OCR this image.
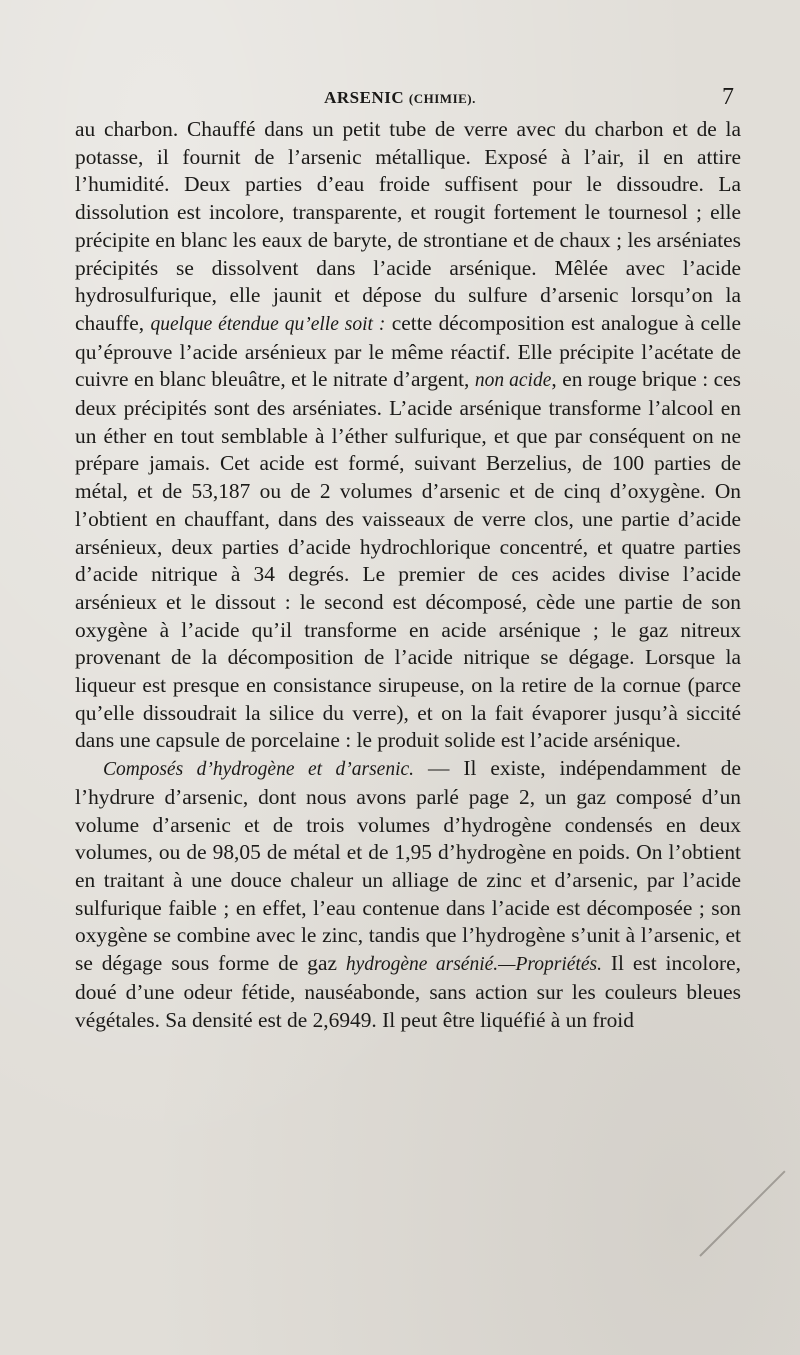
ARSENIC (CHIMIE).	7

au charbon. Chauffé dans un petit tube de verre avec du charbon et de la potasse, il fournit de l’arsenic métallique. Exposé à l’air, il en attire l’humidité. Deux parties d’eau froide suffisent pour le dissoudre. La dissolution est incolore, transparente, et rougit fortement le tournesol ; elle précipite en blanc les eaux de baryte, de strontiane et de chaux ; les arséniates précipités se dissolvent dans l’acide arsénique. Mêlée avec l’acide hydrosulfurique, elle jaunit et dépose du sulfure d’arsenic lorsqu’on la chauffe, quelque étendue qu’elle soit : cette décomposition est analogue à celle qu’éprouve l’acide arsénieux par le même réactif. Elle précipite l’acétate de cuivre en blanc bleuâtre, et le nitrate d’argent, non acide, en rouge brique : ces deux précipités sont des arséniates. L’acide arsénique transforme l’alcool en un éther en tout semblable à l’éther sulfurique, et que par conséquent on ne prépare jamais. Cet acide est formé, suivant Berzelius, de 100 parties de métal, et de 53,187 ou de 2 volumes d’arsenic et de cinq d’oxygène. On l’obtient en chauffant, dans des vaisseaux de verre clos, une partie d’acide arsénieux, deux parties d’acide hydrochlorique concentré, et quatre parties d’acide nitrique à 34 degrés. Le premier de ces acides divise l’acide arsénieux et le dissout : le second est décomposé, cède une partie de son oxygène à l’acide qu’il transforme en acide arsénique ; le gaz nitreux provenant de la décomposition de l’acide nitrique se dégage. Lorsque la liqueur est presque en consistance sirupeuse, on la retire de la cornue (parce qu’elle dissoudrait la silice du verre), et on la fait évaporer jusqu’à siccité dans une capsule de porcelaine : le produit solide est l’acide arsénique.

Composés d’hydrogène et d’arsenic. — Il existe, indépendamment de l’hydrure d’arsenic, dont nous avons parlé page 2, un gaz composé d’un volume d’arsenic et de trois volumes d’hydrogène condensés en deux volumes, ou de 98,05 de métal et de 1,95 d’hydrogène en poids. On l’obtient en traitant à une douce chaleur un alliage de zinc et d’arsenic, par l’acide sulfurique faible ; en effet, l’eau contenue dans l’acide est décomposée ; son oxygène se combine avec le zinc, tandis que l’hydrogène s’unit à l’arsenic, et se dégage sous forme de gaz hydrogène arsénié.—Propriétés. Il est incolore, doué d’une odeur fétide, nauséabonde, sans action sur les couleurs bleues végétales. Sa densité est de 2,6949. Il peut être liquéfié à un froid
